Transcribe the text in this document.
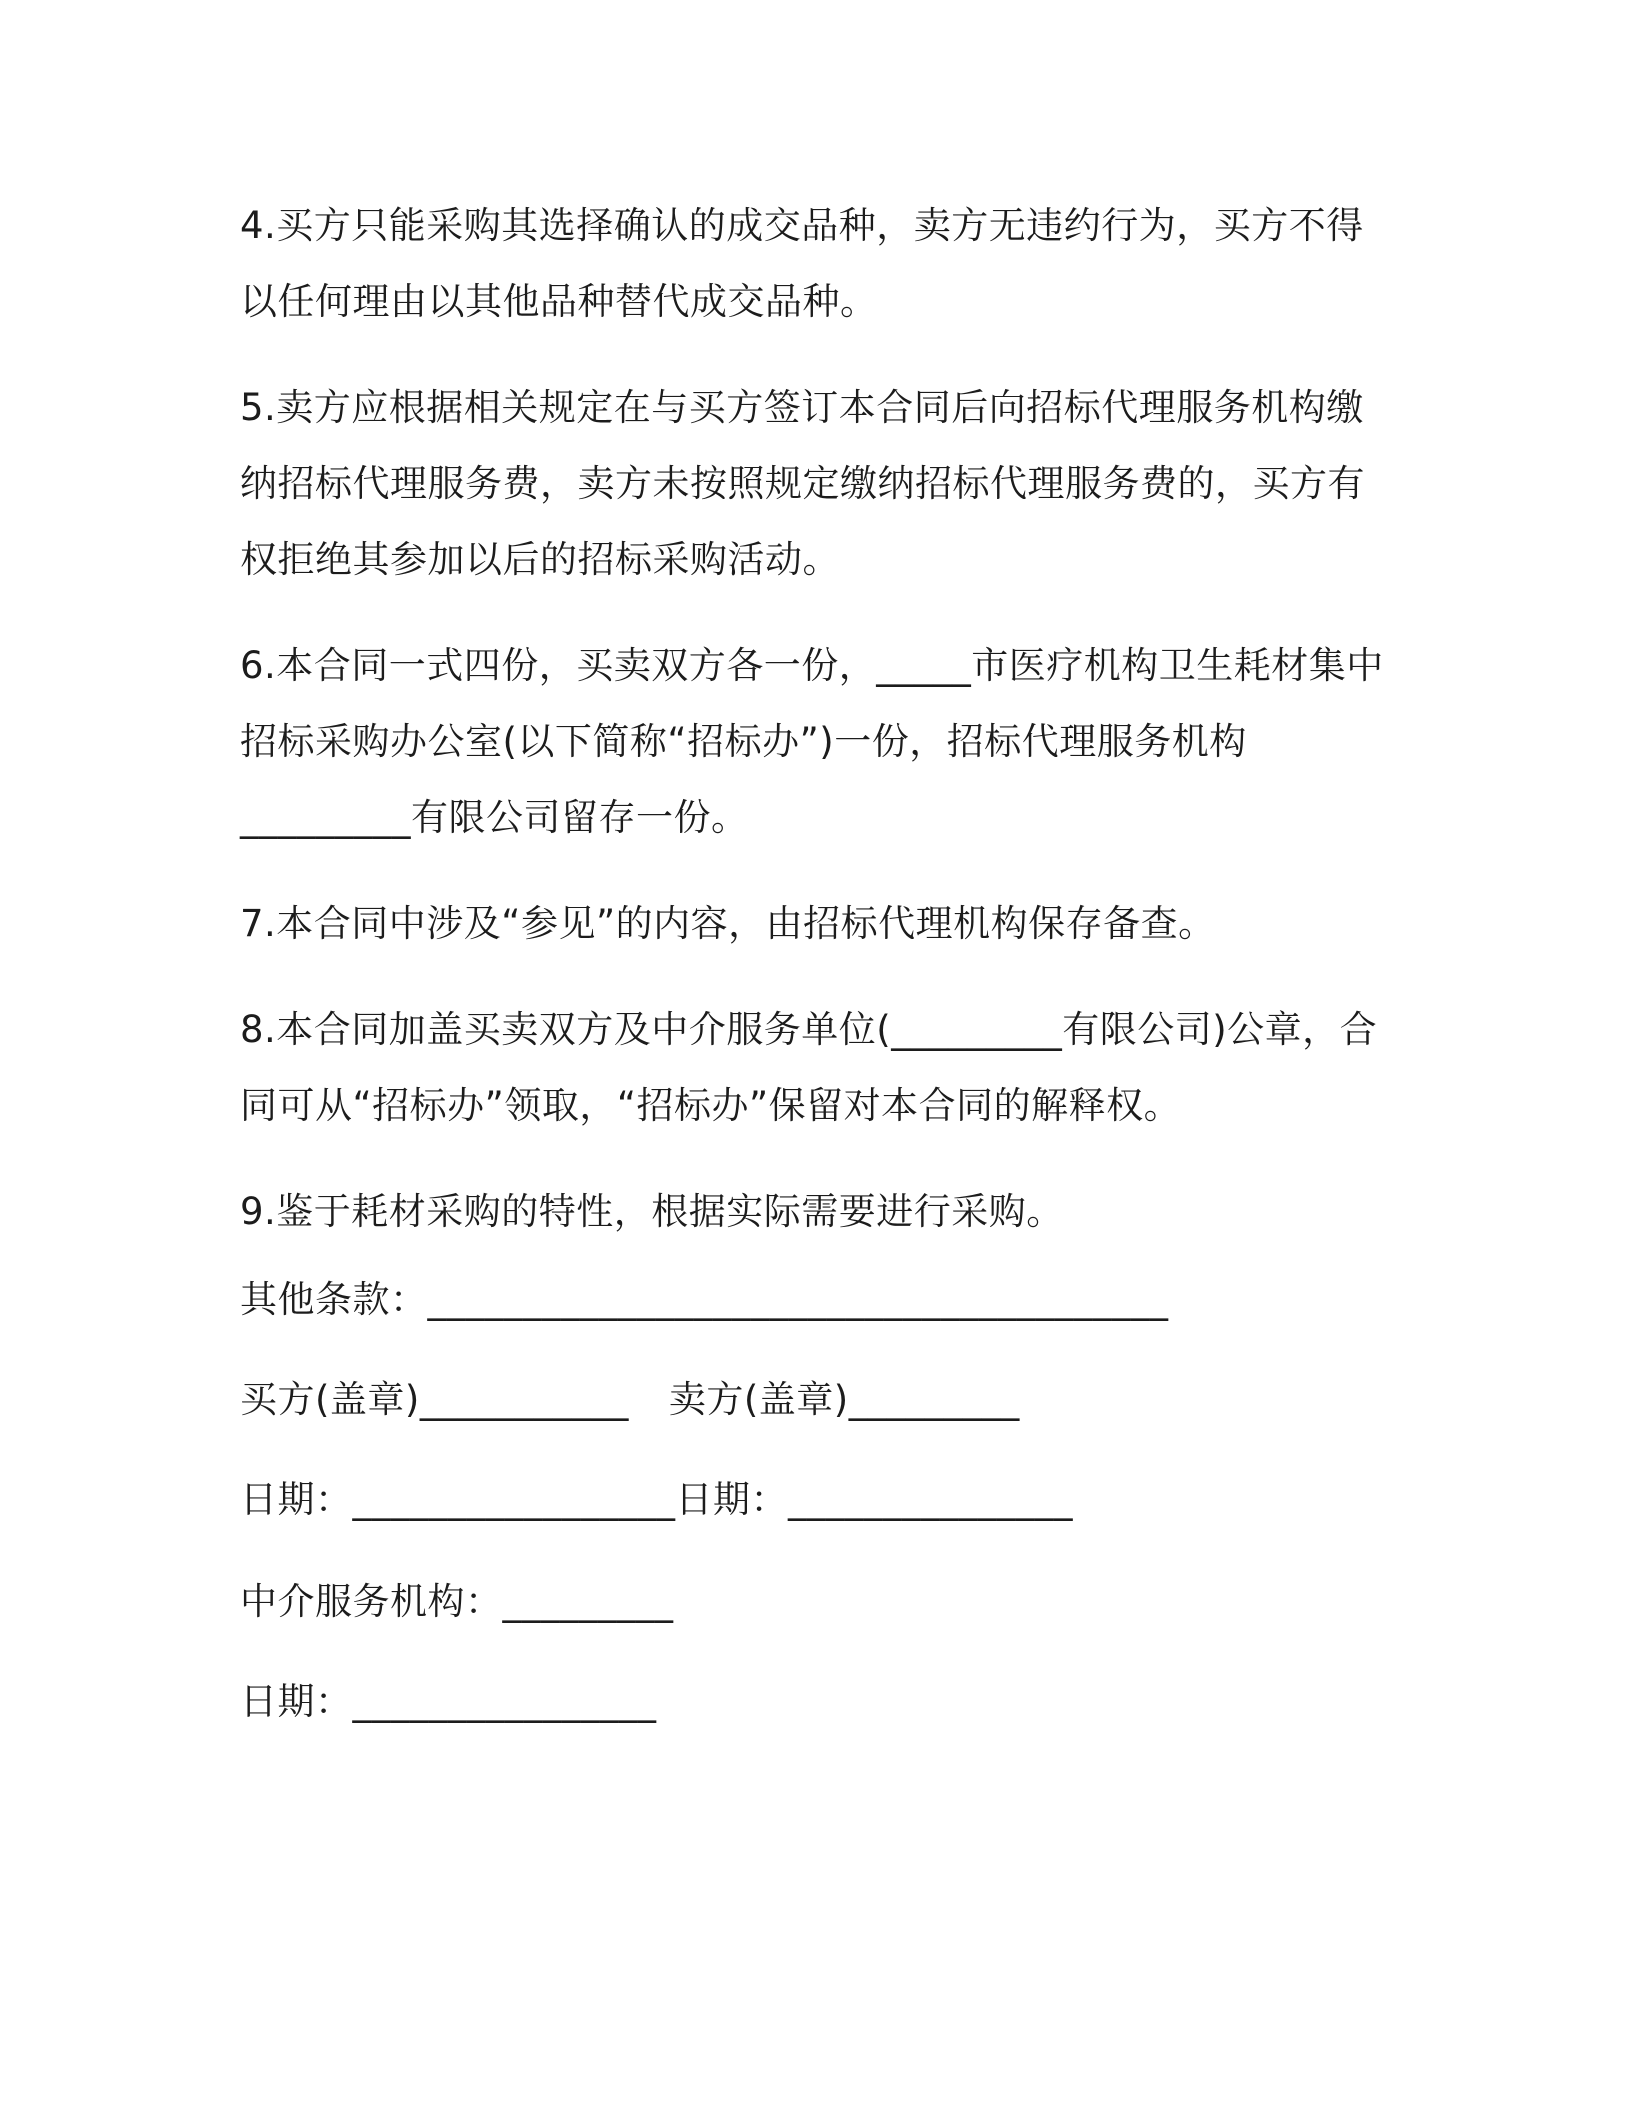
4.买方只能采购其选择确认的成交品种，卖方无违约行为，买方不得
以任何理由以其他品种替代成交品种。

5.卖方应根据相关规定在与买方签订本合同后向招标代理服务机构缴
纳招标代理服务费，卖方未按照规定缴纳招标代理服务费的，买方有
权拒绝其参加以后的招标采购活动。

6.本合同一式四份，买卖双方各一份，_____市医疗机构卫生耗材集中
招标采购办公室(以下简称“招标办”)一份，招标代理服务机构
_________有限公司留存一份。

7.本合同中涉及“参见”的内容，由招标代理机构保存备查。

8.本合同加盖买卖双方及中介服务单位(_________有限公司)公章，合
同可从“招标办”领取，“招标办”保留对本合同的解释权。

9.鉴于耗材采购的特性，根据实际需要进行采购。

其他条款：_______________________________________
买方(盖章)___________ 卖方(盖章)_________
日期：_________________日期：_______________
中介服务机构：_________
日期：________________
